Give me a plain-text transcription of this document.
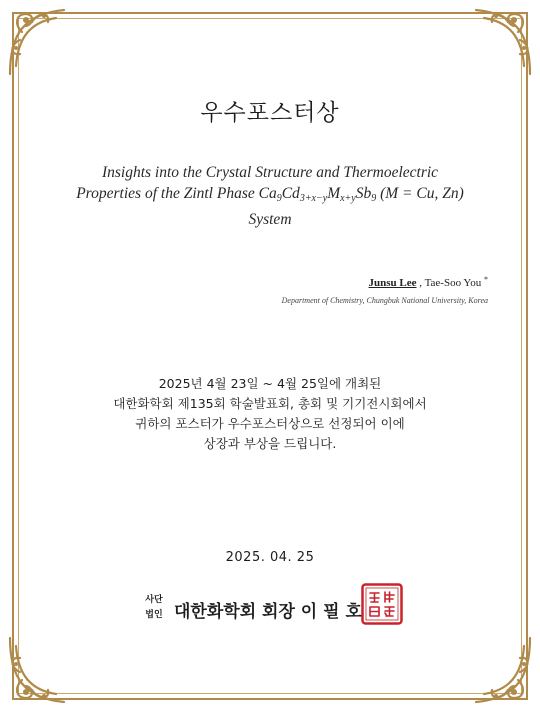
우수포스터상
Insights into the Crystal Structure and Thermoelectric Properties of the Zintl Phase $Ca_9Cd_{3+x-y}M_{x+y}Sb_9$ (M = Cu, Zn) System
Junsu Lee , Tae-Soo You *
Department of Chemistry, Chungbuk National University, Korea
2025년 4월 23일 ~ 4월 25일에 개최된
대한화학회 제135회 학술발표회, 총회 및 기기전시회에서
귀하의 포스터가 우수포스터상으로 선정되어 이에
상장과 부상을 드립니다.
2025. 04. 25
사단
법인 대한화학회 회장 이 필 호
